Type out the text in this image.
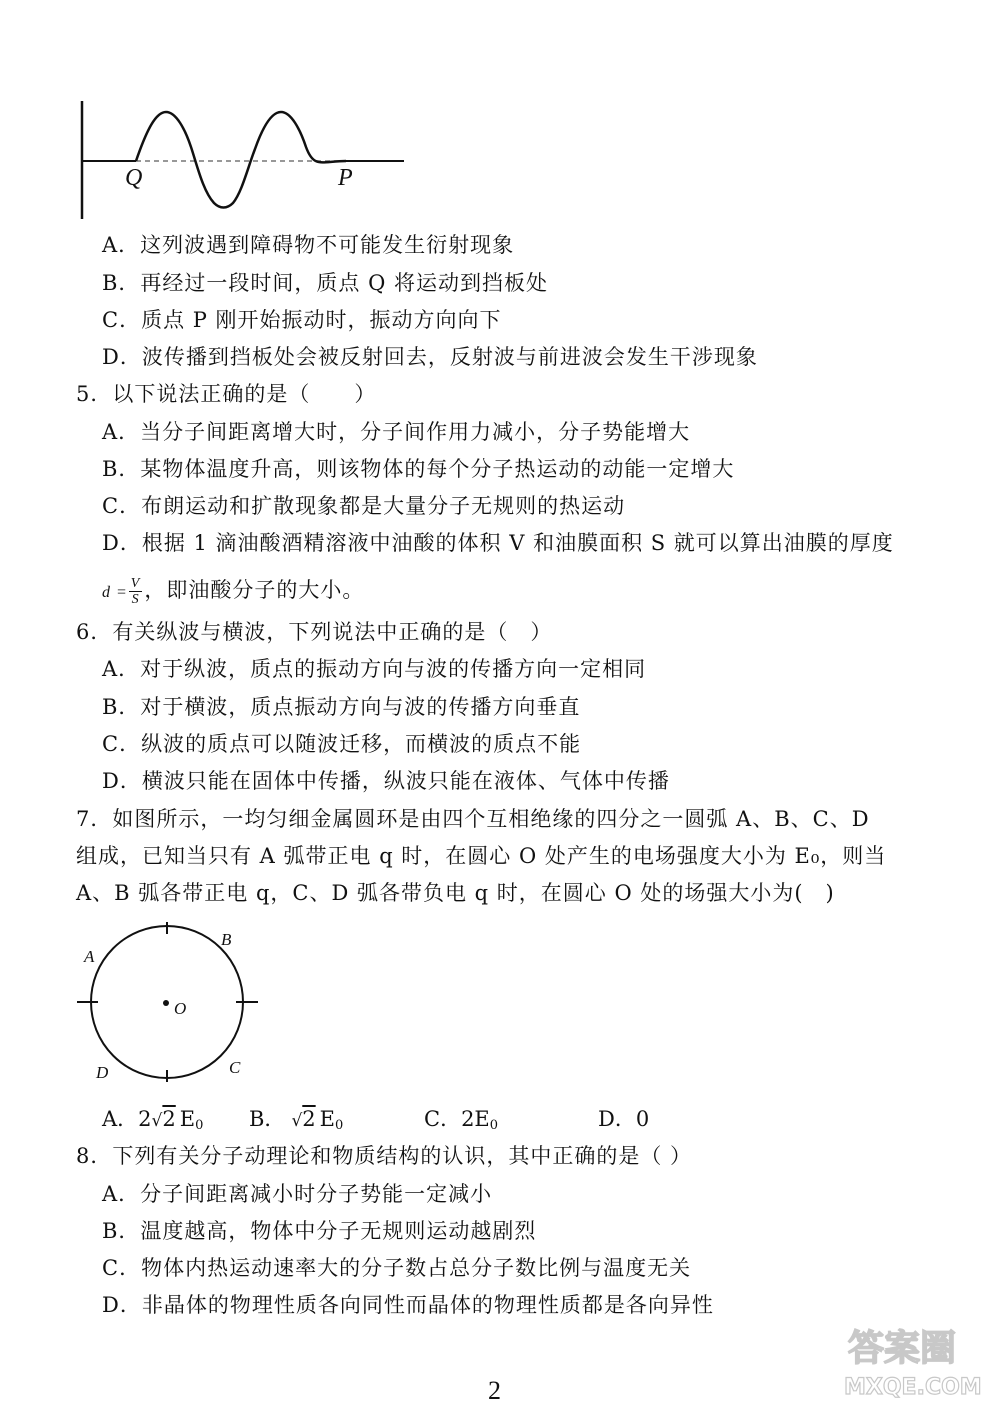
Q	P
A．这列波遇到障碍物不可能发生衍射现象
B．再经过一段时间，质点 Q 将运动到挡板处
C．质点 P 刚开始振动时，振动方向向下
D．波传播到挡板处会被反射回去，反射波与前进波会发生干涉现象
5．以下说法正确的是（　　）
A．当分子间距离增大时，分子间作用力减小，分子势能增大
B．某物体温度升高，则该物体的每个分子热运动的动能一定增大
C．布朗运动和扩散现象都是大量分子无规则的热运动
D．根据 1 滴油酸酒精溶液中油酸的体积 V 和油膜面积 S 就可以算出油膜的厚度
$d = \frac{V}{S}$ ，即油酸分子的大小。
6．有关纵波与横波，下列说法中正确的是（　）
A．对于纵波，质点的振动方向与波的传播方向一定相同
B．对于横波，质点振动方向与波的传播方向垂直
C．纵波的质点可以随波迁移，而横波的质点不能
D．横波只能在固体中传播，纵波只能在液体、气体中传播
7．如图所示，一均匀细金属圆环是由四个互相绝缘的四分之一圆弧 A、B、C、D
组成，已知当只有 A 弧带正电 q 时，在圆心 O 处产生的电场强度大小为 E₀，则当
A、B 弧各带正电 q，C、D 弧各带负电 q 时，在圆心 O 处的场强大小为(　)
O
A
B
C
D
A．2√2 $E_0$ B． √2 $E_0$	C．$2E_0$	D．0
8．下列有关分子动理论和物质结构的认识，其中正确的是（ ）
A．分子间距离减小时分子势能一定减小
B．温度越高，物体中分子无规则运动越剧烈
C．物体内热运动速率大的分子数占总分子数比例与温度无关
D．非晶体的物理性质各向同性而晶体的物理性质都是各向异性
2
答案圈
MXQE.COM
